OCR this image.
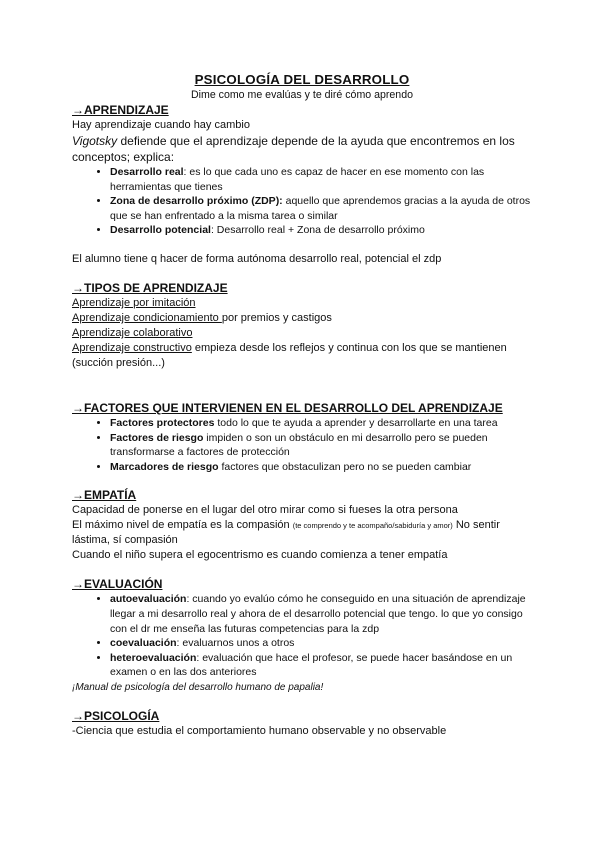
PSICOLOGÍA DEL DESARROLLO
Dime como me evalúas y te diré cómo aprendo
→APRENDIZAJE
Hay aprendizaje cuando hay cambio
Vigotsky defiende que el aprendizaje depende de la ayuda que encontremos en los conceptos; explica:
• Desarrollo real: es lo que cada uno es capaz de hacer en ese momento con las herramientas que tienes
• Zona de desarrollo próximo (ZDP): aquello que aprendemos gracias a la ayuda de otros que se han enfrentado a la misma tarea o similar
• Desarrollo potencial: Desarrollo real + Zona de desarrollo próximo
El alumno tiene q hacer de forma autónoma desarrollo real, potencial el zdp
→TIPOS DE APRENDIZAJE
Aprendizaje por imitación
Aprendizaje condicionamiento por premios y castigos
Aprendizaje colaborativo
Aprendizaje constructivo empieza desde los reflejos y continua con los que se mantienen (succión presión...)
→FACTORES QUE INTERVIENEN EN EL DESARROLLO DEL APRENDIZAJE
• Factores protectores todo lo que te ayuda a aprender y desarrollarte en una tarea
• Factores de riesgo impiden o son un obstáculo en mi desarrollo pero se pueden transformarse a factores de protección
• Marcadores de riesgo factores que obstaculizan pero no se pueden cambiar
→EMPATÍA
Capacidad de ponerse en el lugar del otro mirar como si fueses la otra persona
El máximo nivel de empatía es la compasión (te comprendo y te acompaño/sabiduría y amor) No sentir lástima, sí compasión
Cuando el niño supera el egocentrismo es cuando comienza a tener empatía
→EVALUACIÓN
• autoevaluación: cuando yo evalúo cómo he conseguido en una situación de aprendizaje llegar a mi desarrollo real y ahora de el desarrollo potencial que tengo. lo que yo consigo con el dr me enseña las futuras competencias para la zdp
• coevaluación: evaluarnos unos a otros
• heteroevaluación: evaluación que hace el profesor, se puede hacer basándose en un examen o en las dos anteriores
¡Manual de psicología del desarrollo humano de papalia!
→PSICOLOGÍA
-Ciencia que estudia el comportamiento humano observable y no observable
